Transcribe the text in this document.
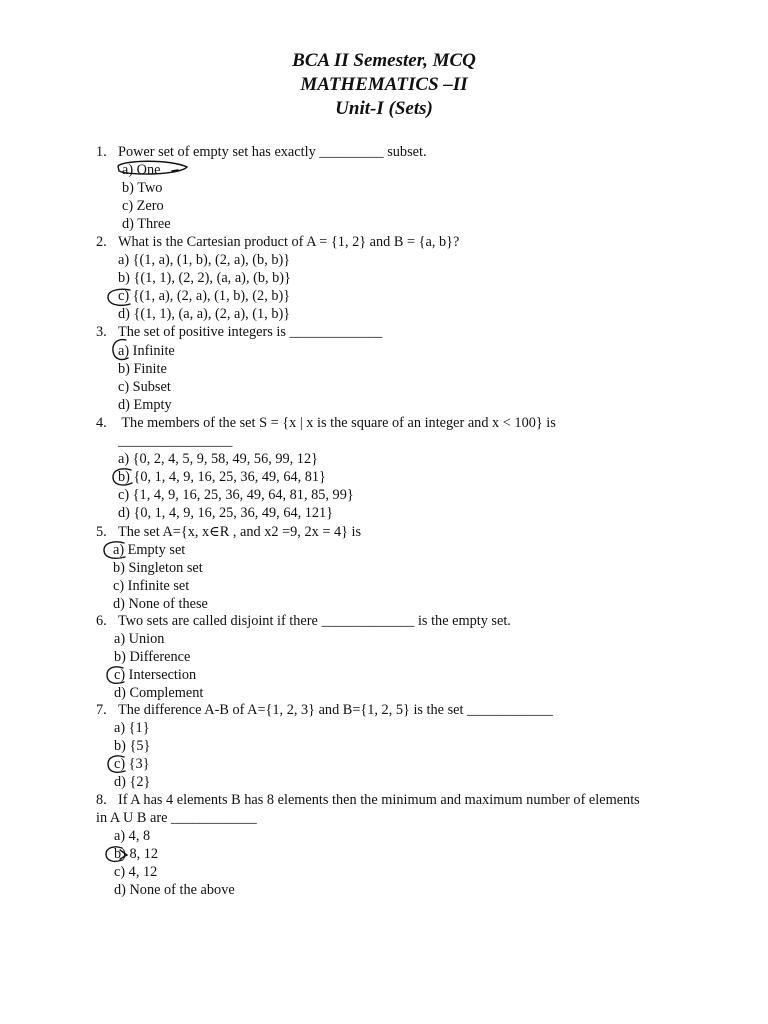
BCA II Semester, MCQ
MATHEMATICS –II
Unit-I (Sets)
1. Power set of empty set has exactly _________ subset.
a) One
b) Two
c) Zero
d) Three
2. What is the Cartesian product of A = {1, 2} and B = {a, b}?
a) {(1, a), (1, b), (2, a), (b, b)}
b) {(1, 1), (2, 2), (a, a), (b, b)}
c) {(1, a), (2, a), (1, b), (2, b)}
d) {(1, 1), (a, a), (2, a), (1, b)}
3. The set of positive integers is _____________
a) Infinite
b) Finite
c) Subset
d) Empty
4. The members of the set S = {x | x is the square of an integer and x < 100} is
________________
a) {0, 2, 4, 5, 9, 58, 49, 56, 99, 12}
b) {0, 1, 4, 9, 16, 25, 36, 49, 64, 81}
c) {1, 4, 9, 16, 25, 36, 49, 64, 81, 85, 99}
d) {0, 1, 4, 9, 16, 25, 36, 49, 64, 121}
5. The set A={x, x∈R , and x2 =9, 2x = 4} is
a) Empty set
b) Singleton set
c) Infinite set
d) None of these
6. Two sets are called disjoint if there _____________ is the empty set.
a) Union
b) Difference
c) Intersection
d) Complement
7. The difference A-B of A={1, 2, 3} and B={1, 2, 5} is the set ____________
a) {1}
b) {5}
c) {3}
d) {2}
8. If A has 4 elements B has 8 elements then the minimum and maximum number of elements
in A U B are ____________
a) 4, 8
b) 8, 12
c) 4, 12
d) None of the above
